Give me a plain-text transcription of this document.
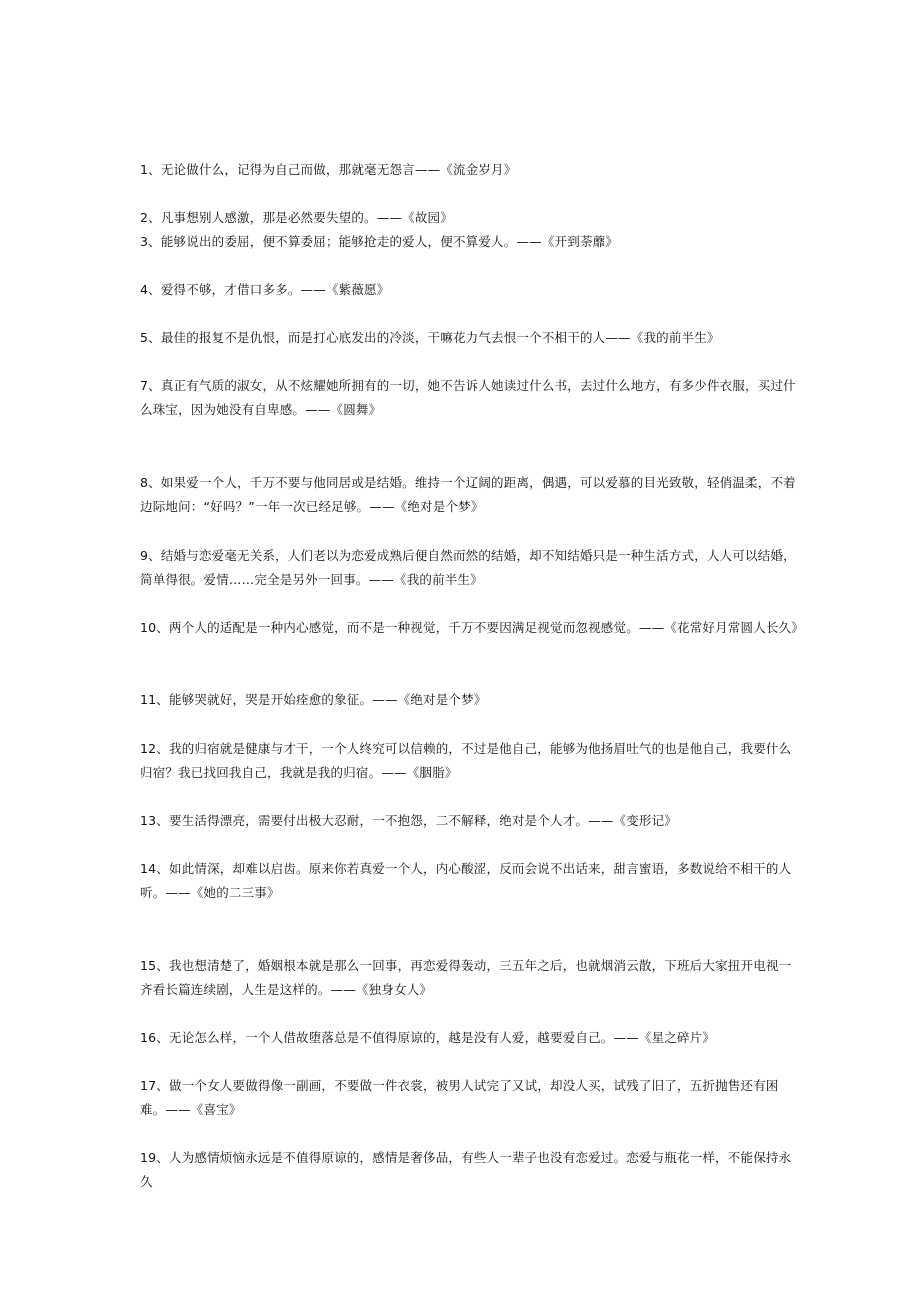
1、无论做什么，记得为自己而做，那就毫无怨言——《流金岁月》

2、凡事想别人感激，那是必然要失望的。——《故园》

3、能够说出的委屈，便不算委屈；能够抢走的爱人，便不算爱人。——《开到荼蘼》

4、爱得不够，才借口多多。——《紫薇愿》

5、最佳的报复不是仇恨，而是打心底发出的冷淡，干嘛花力气去恨一个不相干的人——《我的前半生》

7、真正有气质的淑女，从不炫耀她所拥有的一切，她不告诉人她读过什么书，去过什么地方，有多少件衣服，买过什么珠宝，因为她没有自卑感。——《圆舞》

8、如果爱一个人，千万不要与他同居或是结婚。维持一个辽阔的距离，偶遇，可以爱慕的目光致敬，轻俏温柔，不着边际地问：“好吗？”一年一次已经足够。——《绝对是个梦》

9、结婚与恋爱毫无关系，人们老以为恋爱成熟后便自然而然的结婚，却不知结婚只是一种生活方式，人人可以结婚，简单得很。爱情……完全是另外一回事。——《我的前半生》

10、两个人的适配是一种内心感觉，而不是一种视觉，千万不要因满足视觉而忽视感觉。——《花常好月常圆人长久》

11、能够哭就好，哭是开始痊愈的象征。——《绝对是个梦》

12、我的归宿就是健康与才干，一个人终究可以信赖的，不过是他自己，能够为他扬眉吐气的也是他自己，我要什么归宿？我已找回我自己，我就是我的归宿。——《胭脂》

13、要生活得漂亮，需要付出极大忍耐，一不抱怨，二不解释，绝对是个人才。——《变形记》

14、如此情深，却难以启齿。原来你若真爱一个人，内心酸涩，反而会说不出话来，甜言蜜语，多数说给不相干的人听。——《她的二三事》

15、我也想清楚了，婚姻根本就是那么一回事，再恋爱得轰动，三五年之后，也就烟消云散，下班后大家扭开电视一齐看长篇连续剧，人生是这样的。——《独身女人》

16、无论怎么样，一个人借故堕落总是不值得原谅的，越是没有人爱，越要爱自己。——《星之碎片》

17、做一个女人要做得像一副画，不要做一件衣裳，被男人试完了又试，却没人买，试残了旧了，五折抛售还有困难。——《喜宝》

19、人为感情烦恼永远是不值得原谅的，感情是奢侈品，有些人一辈子也没有恋爱过。恋爱与瓶花一样，不能保持永久
